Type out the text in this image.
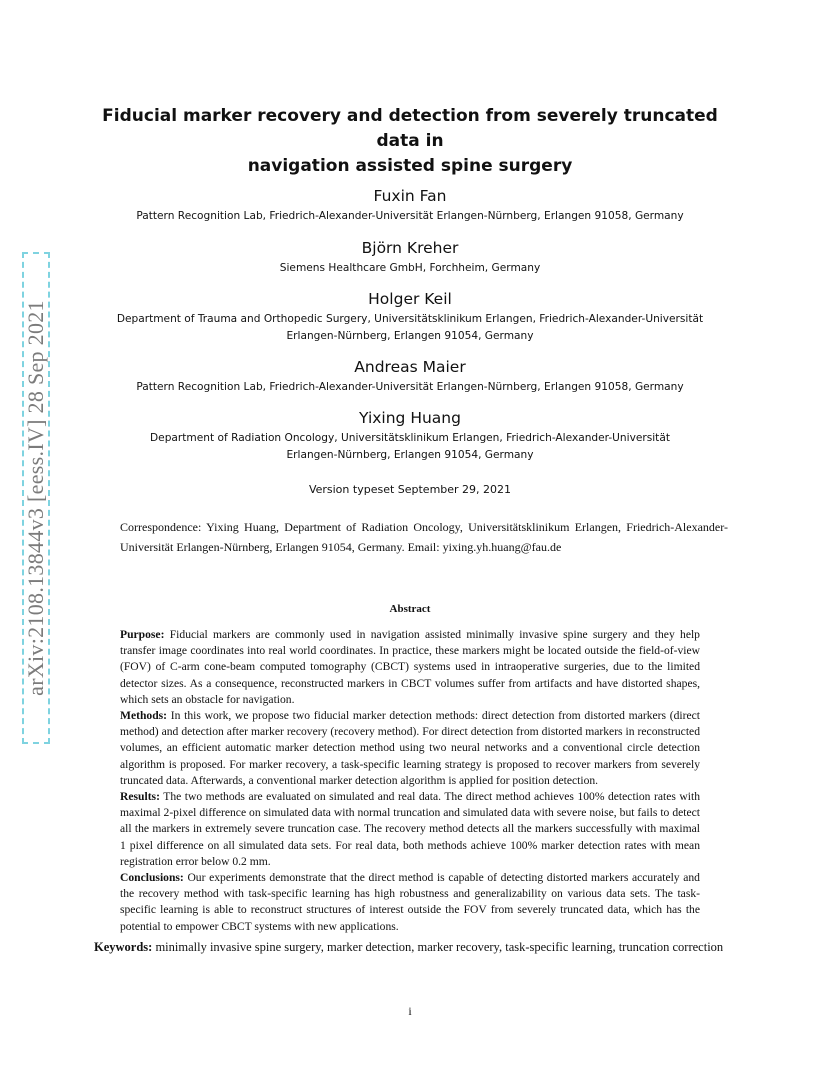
arXiv:2108.13844v3 [eess.IV] 28 Sep 2021
Fiducial marker recovery and detection from severely truncated data in
navigation assisted spine surgery
Fuxin Fan
Pattern Recognition Lab, Friedrich-Alexander-Universität Erlangen-Nürnberg, Erlangen 91058, Germany
Björn Kreher
Siemens Healthcare GmbH, Forchheim, Germany
Holger Keil
Department of Trauma and Orthopedic Surgery, Universitätsklinikum Erlangen, Friedrich-Alexander-Universität
Erlangen-Nürnberg, Erlangen 91054, Germany
Andreas Maier
Pattern Recognition Lab, Friedrich-Alexander-Universität Erlangen-Nürnberg, Erlangen 91058, Germany
Yixing Huang
Department of Radiation Oncology, Universitätsklinikum Erlangen, Friedrich-Alexander-Universität
Erlangen-Nürnberg, Erlangen 91054, Germany
Version typeset September 29, 2021
Correspondence: Yixing Huang, Department of Radiation Oncology, Universitätsklinikum Erlangen, Friedrich-Alexander-Universität Erlangen-Nürnberg, Erlangen 91054, Germany. Email: yixing.yh.huang@fau.de
Abstract

Purpose: Fiducial markers are commonly used in navigation assisted minimally invasive spine surgery and they help transfer image coordinates into real world coordinates. In practice, these markers might be located outside the field-of-view (FOV) of C-arm cone-beam computed tomography (CBCT) systems used in intraoperative surgeries, due to the limited detector sizes. As a consequence, reconstructed markers in CBCT volumes suffer from artifacts and have distorted shapes, which sets an obstacle for navigation.

Methods: In this work, we propose two fiducial marker detection methods: direct detection from distorted markers (direct method) and detection after marker recovery (recovery method). For direct detection from distorted markers in reconstructed volumes, an efficient automatic marker detection method using two neural networks and a conventional circle detection algorithm is proposed. For marker recovery, a task-specific learning strategy is proposed to recover markers from severely truncated data. Afterwards, a conventional marker detection algorithm is applied for position detection.

Results: The two methods are evaluated on simulated and real data. The direct method achieves 100% detection rates with maximal 2-pixel difference on simulated data with normal truncation and simulated data with severe noise, but fails to detect all the markers in extremely severe truncation case. The recovery method detects all the markers successfully with maximal 1 pixel difference on all simulated data sets. For real data, both methods achieve 100% marker detection rates with mean registration error below 0.2 mm.

Conclusions: Our experiments demonstrate that the direct method is capable of detecting distorted markers accurately and the recovery method with task-specific learning has high robustness and generalizability on various data sets. The task-specific learning is able to reconstruct structures of interest outside the FOV from severely truncated data, which has the potential to empower CBCT systems with new applications.

Keywords: minimally invasive spine surgery, marker detection, marker recovery, task-specific learning, truncation correction
i
